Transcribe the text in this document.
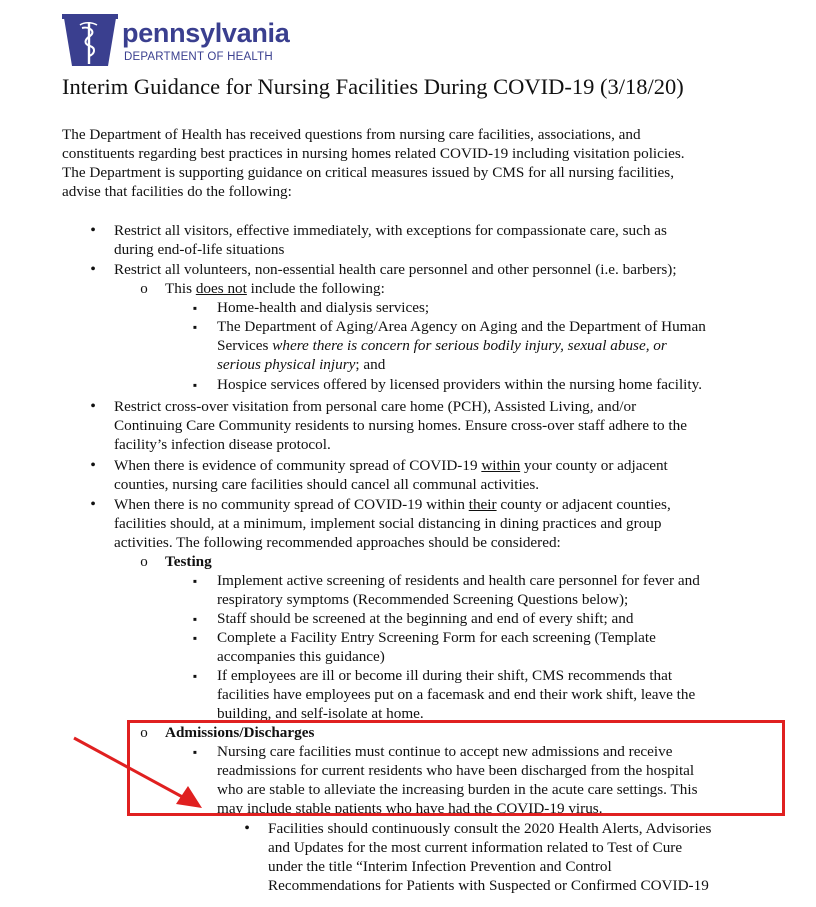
pennsylvania
DEPARTMENT OF HEALTH
Interim Guidance for Nursing Facilities During COVID-19 (3/18/20)
The Department of Health has received questions from nursing care facilities, associations, and
constituents regarding best practices in nursing homes related COVID-19 including visitation policies.
The Department is supporting guidance on critical measures issued by CMS for all nursing facilities,
advise that facilities do the following:
• Restrict all visitors, effective immediately, with exceptions for compassionate care, such as
during end-of-life situations
• Restrict all volunteers, non-essential health care personnel and other personnel (i.e. barbers);
o This does not include the following:
▪	Home-health and dialysis services;
▪	The Department of Aging/Area Agency on Aging and the Department of Human
Services where there is concern for serious bodily injury, sexual abuse, or
serious physical injury; and
▪	Hospice services offered by licensed providers within the nursing home facility.
• Restrict cross-over visitation from personal care home (PCH), Assisted Living, and/or
Continuing Care Community residents to nursing homes. Ensure cross-over staff adhere to the
facility’s infection disease protocol.
• When there is evidence of community spread of COVID-19 within your county or adjacent
counties, nursing care facilities should cancel all communal activities.
• When there is no community spread of COVID-19 within their county or adjacent counties,
facilities should, at a minimum, implement social distancing in dining practices and group
activities. The following recommended approaches should be considered:
o Testing
▪	Implement active screening of residents and health care personnel for fever and
respiratory symptoms (Recommended Screening Questions below);
▪	Staff should be screened at the beginning and end of every shift; and
▪	Complete a Facility Entry Screening Form for each screening (Template
accompanies this guidance)
▪	If employees are ill or become ill during their shift, CMS recommends that
facilities have employees put on a facemask and end their work shift, leave the
building, and self-isolate at home.
o Admissions/Discharges
▪	Nursing care facilities must continue to accept new admissions and receive
readmissions for current residents who have been discharged from the hospital
who are stable to alleviate the increasing burden in the acute care settings. This
may include stable patients who have had the COVID-19 virus.
• Facilities should continuously consult the 2020 Health Alerts, Advisories
and Updates for the most current information related to Test of Cure
under the title “Interim Infection Prevention and Control
Recommendations for Patients with Suspected or Confirmed COVID-19
